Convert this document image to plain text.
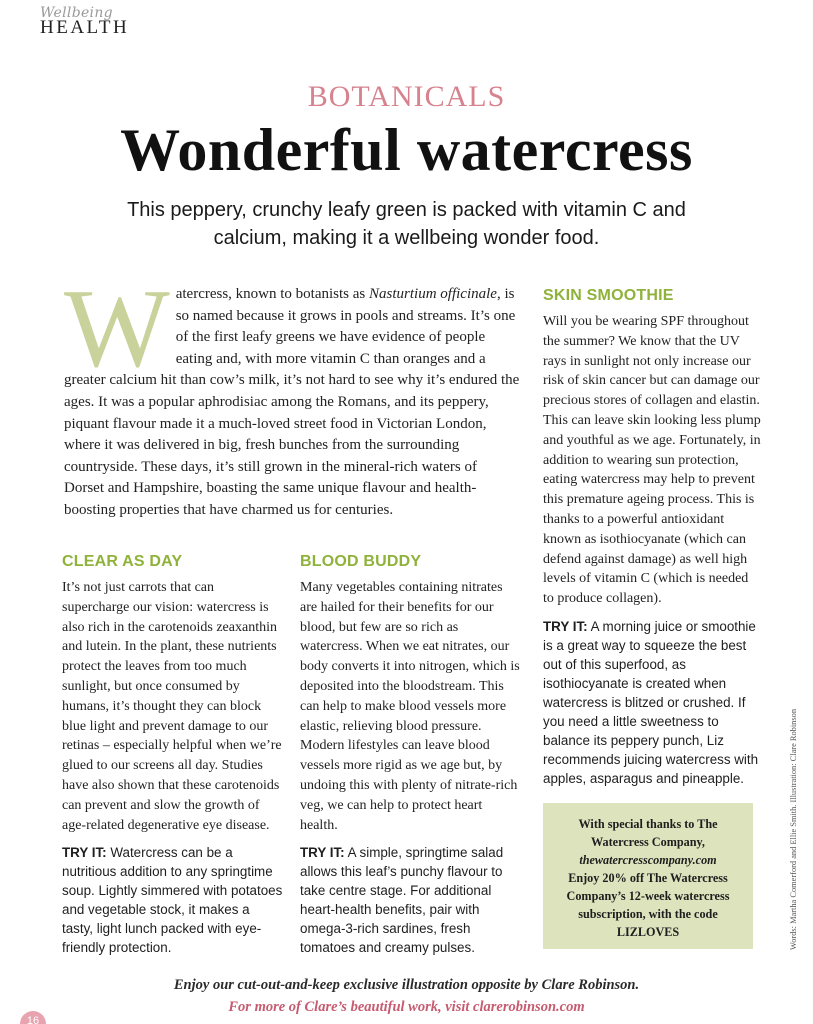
Wellbeing
HEALTH
BOTANICALS
Wonderful watercress

This peppery, crunchy leafy green is packed with vitamin C and calcium, making it a wellbeing wonder food.

Watercress, known to botanists as Nasturtium officinale, is so named because it grows in pools and streams. It’s one of the first leafy greens we have evidence of people eating and, with more vitamin C than oranges and a greater calcium hit than cow’s milk, it’s not hard to see why it’s endured the ages. It was a popular aphrodisiac among the Romans, and its peppery, piquant flavour made it a much-loved street food in Victorian London, where it was delivered in big, fresh bunches from the surrounding countryside. These days, it’s still grown in the mineral-rich waters of Dorset and Hampshire, boasting the same unique flavour and health-boosting properties that have charmed us for centuries.
CLEAR AS DAY

It’s not just carrots that can supercharge our vision: watercress is also rich in the carotenoids zeaxanthin and lutein. In the plant, these nutrients protect the leaves from too much sunlight, but once consumed by humans, it’s thought they can block blue light and prevent damage to our retinas – especially helpful when we’re glued to our screens all day. Studies have also shown that these carotenoids can prevent and slow the growth of age-related degenerative eye disease.

TRY IT: Watercress can be a nutritious addition to any springtime soup. Lightly simmered with potatoes and vegetable stock, it makes a tasty, light lunch packed with eye-friendly protection.

BLOOD BUDDY

Many vegetables containing nitrates are hailed for their benefits for our blood, but few are so rich as watercress. When we eat nitrates, our body converts it into nitrogen, which is deposited into the bloodstream. This can help to make blood vessels more elastic, relieving blood pressure. Modern lifestyles can leave blood vessels more rigid as we age but, by undoing this with plenty of nitrate-rich veg, we can help to protect heart health.

TRY IT: A simple, springtime salad allows this leaf’s punchy flavour to take centre stage. For additional heart-health benefits, pair with omega-3-rich sardines, fresh tomatoes and creamy pulses.

SKIN SMOOTHIE

Will you be wearing SPF throughout the summer? We know that the UV rays in sunlight not only increase our risk of skin cancer but can damage our precious stores of collagen and elastin. This can leave skin looking less plump and youthful as we age. Fortunately, in addition to wearing sun protection, eating watercress may help to prevent this premature ageing process. This is thanks to a powerful antioxidant known as isothiocyanate (which can defend against damage) as well high levels of vitamin C (which is needed to produce collagen).

TRY IT: A morning juice or smoothie is a great way to squeeze the best out of this superfood, as isothiocyanate is created when watercress is blitzed or crushed. If you need a little sweetness to balance its peppery punch, Liz recommends juicing watercress with apples, asparagus and pineapple.

With special thanks to The Watercress Company,
thewatercresscompany.com
Enjoy 20% off The Watercress Company’s 12-week watercress subscription, with the code LIZLOVES	Words: Martha Comerford and Ellie Smith. Illustration: Clare Robinson
Enjoy our cut-out-and-keep exclusive illustration opposite by Clare Robinson.
For more of Clare’s beautiful work, visit clarerobinson.com
16
